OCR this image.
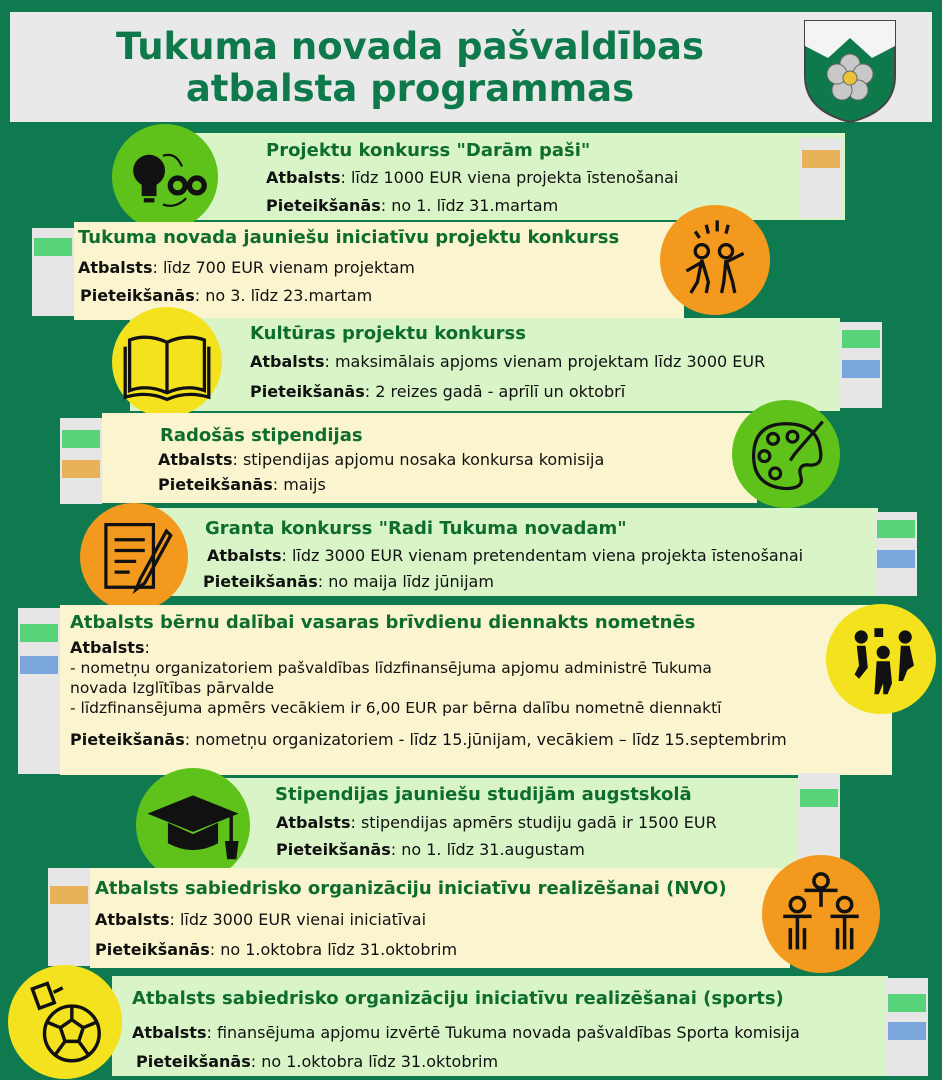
Tukuma novada pašvaldības
atbalsta programmas
Projektu konkurss "Darām paši"
Atbalsts: līdz 1000 EUR viena projekta īstenošanai
Pieteikšanās: no 1. līdz 31.martam
Tukuma novada jauniešu iniciatīvu projektu konkurss
Atbalsts: līdz 700 EUR vienam projektam
Pieteikšanās: no 3. līdz 23.martam
Kultūras projektu konkurss
Atbalsts: maksimālais apjoms vienam projektam līdz 3000 EUR
Pieteikšanās: 2 reizes gadā - aprīlī un oktobrī
Radošās stipendijas
Atbalsts: stipendijas apjomu nosaka konkursa komisija
Pieteikšanās: maijs
Granta konkurss "Radi Tukuma novadam"
Atbalsts: līdz 3000 EUR vienam pretendentam viena projekta īstenošanai
Pieteikšanās: no maija līdz jūnijam
Atbalsts bērnu dalībai vasaras brīvdienu diennakts nometnēs
Atbalsts:
- nometņu organizatoriem pašvaldības līdzfinansējuma apjomu administrē Tukuma
novada Izglītības pārvalde
- līdzfinansējuma apmērs vecākiem ir 6,00 EUR par bērna dalību nometnē diennaktī
Pieteikšanās: nometņu organizatoriem - līdz 15.jūnijam, vecākiem – līdz 15.septembrim
Stipendijas jauniešu studijām augstskolā
Atbalsts: stipendijas apmērs studiju gadā ir 1500 EUR
Pieteikšanās: no 1. līdz 31.augustam
Atbalsts sabiedrisko organizāciju iniciatīvu realizēšanai (NVO)
Atbalsts: līdz 3000 EUR vienai iniciatīvai
Pieteikšanās: no 1.oktobra līdz 31.oktobrim
Atbalsts sabiedrisko organizāciju iniciatīvu realizēšanai (sports)
Atbalsts: finansējuma apjomu izvērtē Tukuma novada pašvaldības Sporta komisija
Pieteikšanās: no 1.oktobra līdz 31.oktobrim
